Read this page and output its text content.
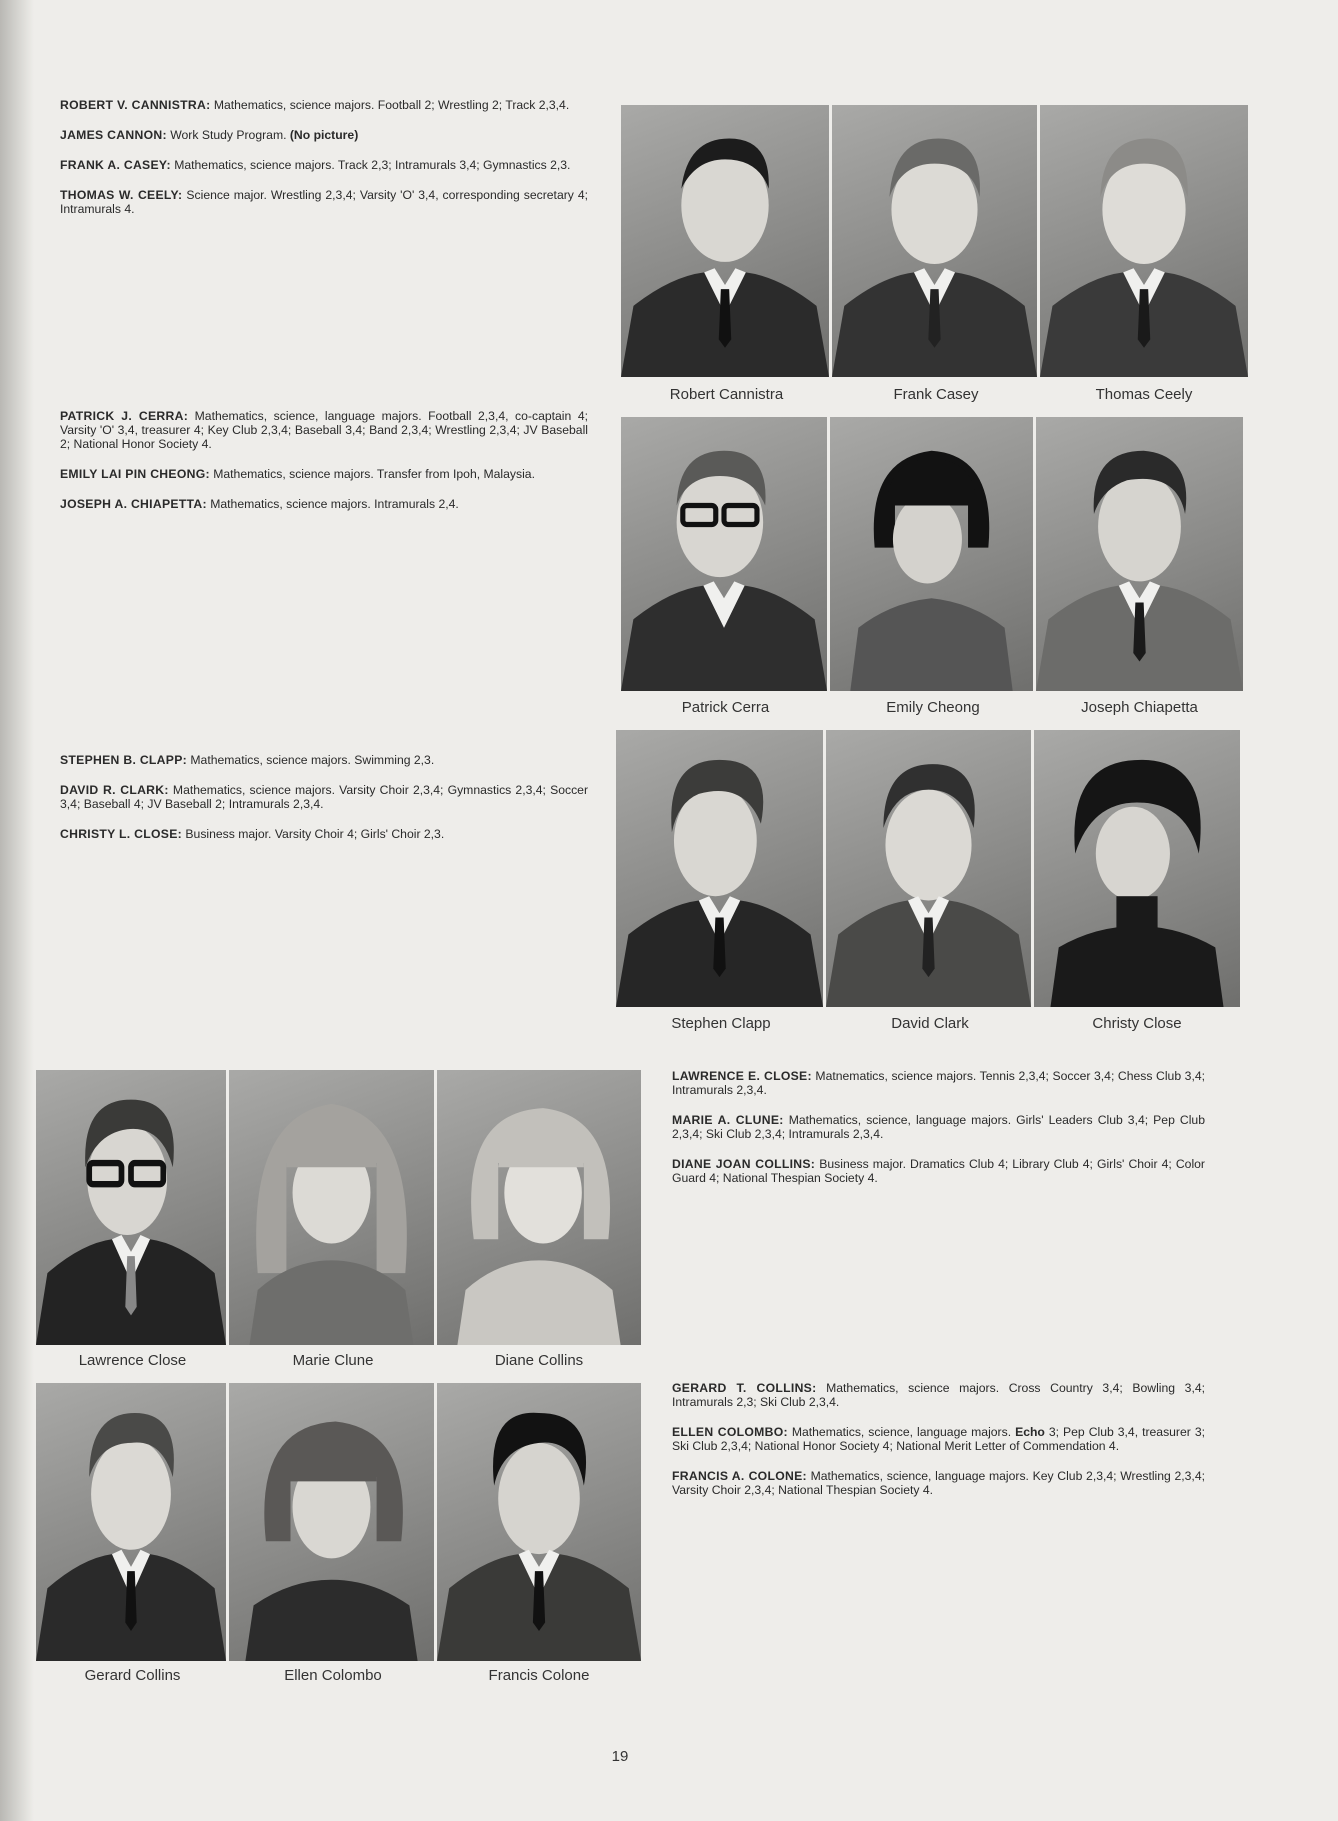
ROBERT V. CANNISTRA: Mathematics, science majors. Football 2; Wrestling 2; Track 2,3,4.

JAMES CANNON: Work Study Program. (No picture)

FRANK A. CASEY: Mathematics, science majors. Track 2,3; Intramurals 3,4; Gymnastics 2,3.

THOMAS W. CEELY: Science major. Wrestling 2,3,4; Varsity 'O' 3,4, corresponding secretary 4; Intramurals 4.

PATRICK J. CERRA: Mathematics, science, language majors. Football 2,3,4, co-captain 4; Varsity 'O' 3,4, treasurer 4; Key Club 2,3,4; Baseball 3,4; Band 2,3,4; Wrestling 2,3,4; JV Baseball 2; National Honor Society 4.

EMILY LAI PIN CHEONG: Mathematics, science majors. Transfer from Ipoh, Malaysia.

JOSEPH A. CHIAPETTA: Mathematics, science majors. Intramurals 2,4.

STEPHEN B. CLAPP: Mathematics, science majors. Swimming 2,3.

DAVID R. CLARK: Mathematics, science majors. Varsity Choir 2,3,4; Gymnastics 2,3,4; Soccer 3,4; Baseball 4; JV Baseball 2; Intramurals 2,3,4.

CHRISTY L. CLOSE: Business major. Varsity Choir 4; Girls' Choir 2,3.

LAWRENCE E. CLOSE: Matnematics, science majors. Tennis 2,3,4; Soccer 3,4; Chess Club 3,4; Intramurals 2,3,4.

MARIE A. CLUNE: Mathematics, science, language majors. Girls' Leaders Club 3,4; Pep Club 2,3,4; Ski Club 2,3,4; Intramurals 2,3,4.

DIANE JOAN COLLINS: Business major. Dramatics Club 4; Library Club 4; Girls' Choir 4; Color Guard 4; National Thespian Society 4.

GERARD T. COLLINS: Mathematics, science majors. Cross Country 3,4; Bowling 3,4; Intramurals 2,3; Ski Club 2,3,4.

ELLEN COLOMBO: Mathematics, science, language majors. Echo 3; Pep Club 3,4, treasurer 3; Ski Club 2,3,4; National Honor Society 4; National Merit Letter of Commendation 4.

FRANCIS A. COLONE: Mathematics, science, language majors. Key Club 2,3,4; Wrestling 2,3,4; Varsity Choir 2,3,4; National Thespian Society 4.

Robert Cannistra	Frank Casey	Thomas Ceely
Patrick Cerra	Emily Cheong	Joseph Chiapetta
Stephen Clapp	David Clark	Christy Close
Lawrence Close	Marie Clune	Diane Collins
Gerard Collins	Ellen Colombo	Francis Colone
19
